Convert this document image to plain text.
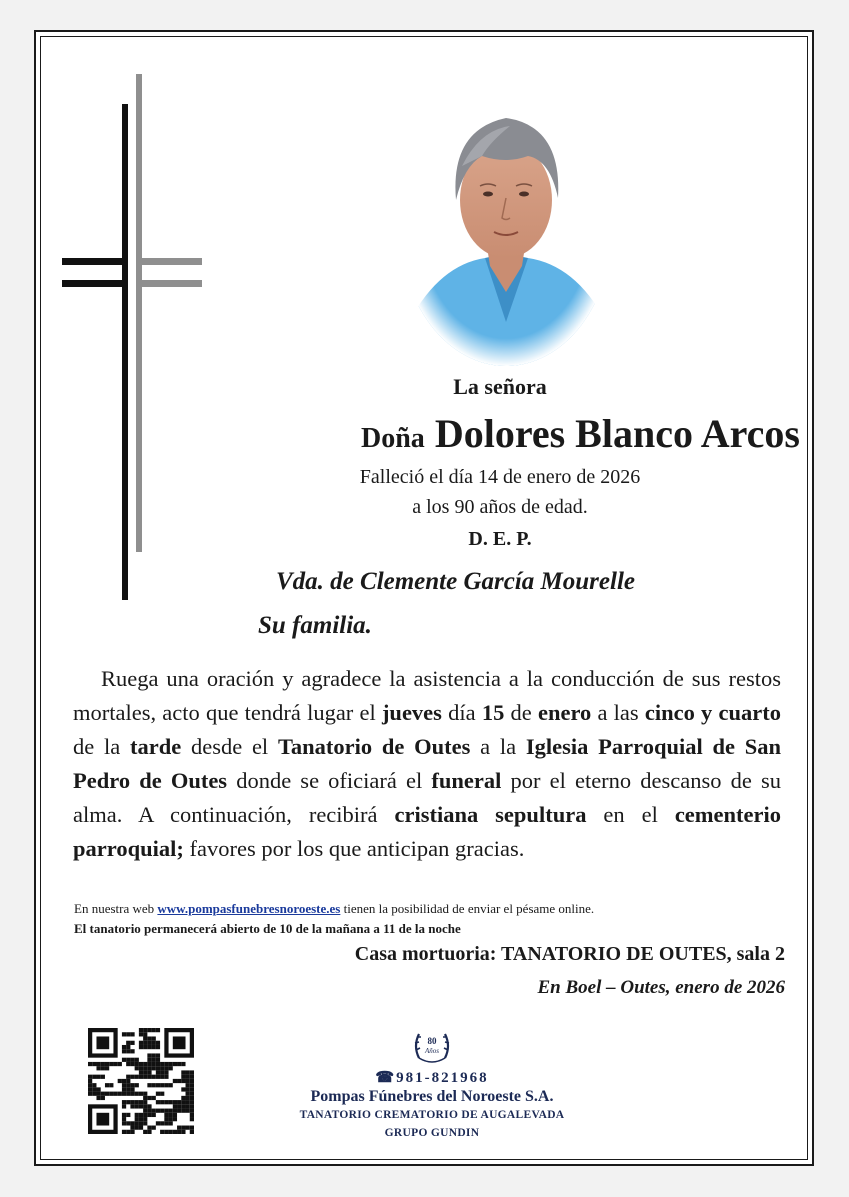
La señora
Doña Dolores Blanco Arcos
Falleció el día 14 de enero de 2026
a los 90 años de edad.
D. E. P.
Vda. de Clemente García Mourelle
Su familia.
Ruega una oración y agradece la asistencia a la conducción de sus restos mortales, acto que tendrá lugar el jueves día 15 de enero a las cinco y cuarto de la tarde desde el Tanatorio de Outes a la Iglesia Parroquial de San Pedro de Outes donde se oficiará el funeral por el eterno descanso de su alma. A continuación, recibirá cristiana sepultura en el cementerio parroquial; favores por los que anticipan gracias.
En nuestra web www.pompasfunebresnoroeste.es tienen la posibilidad de enviar el pésame online.
El tanatorio permanecerá abierto de 10 de la mañana a 11 de la noche
Casa mortuoria: TANATORIO DE OUTES, sala 2
En Boel – Outes, enero de 2026
80
Años
☎981-821968
Pompas Fúnebres del Noroeste S.A.
TANATORIO CREMATORIO DE AUGALEVADA
GRUPO GUNDIN
